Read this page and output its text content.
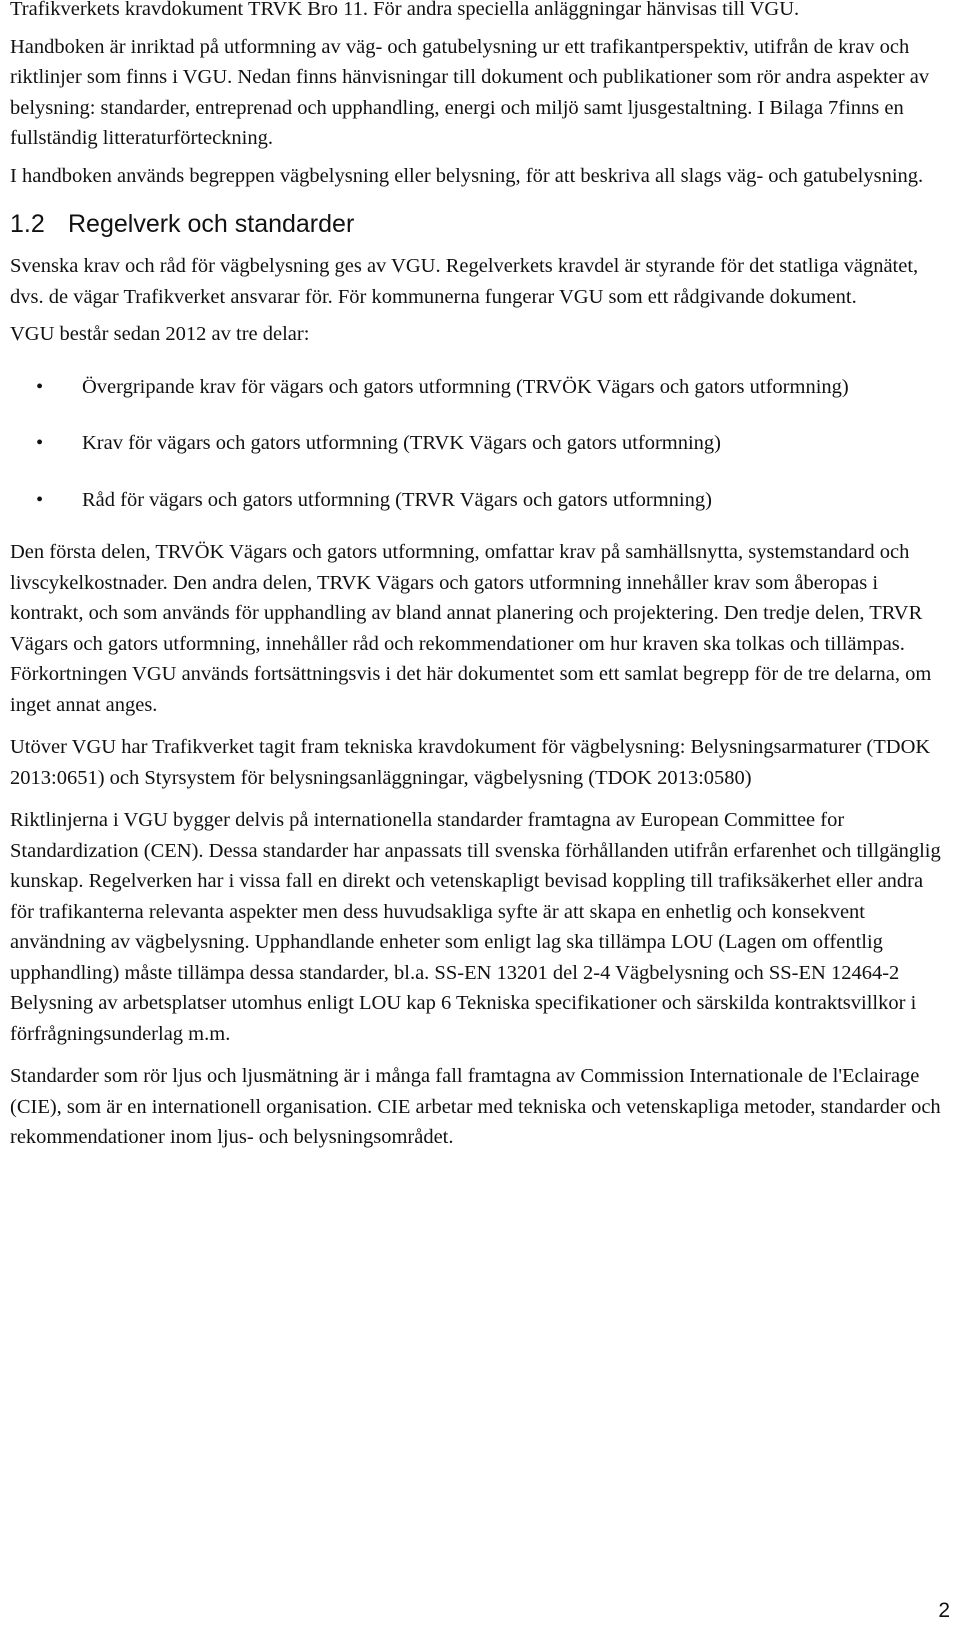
Trafikverkets kravdokument TRVK Bro 11. För andra speciella anläggningar hänvisas till VGU.

Handboken är inriktad på utformning av väg- och gatubelysning ur ett trafikantperspektiv, utifrån de krav och riktlinjer som finns i VGU. Nedan finns hänvisningar till dokument och publikationer som rör andra aspekter av belysning: standarder, entreprenad och upphandling, energi och miljö samt ljusgestaltning. I Bilaga 7finns en fullständig litteraturförteckning.

I handboken används begreppen vägbelysning eller belysning, för att beskriva all slags väg- och gatubelysning.

1.2 Regelverk och standarder

Svenska krav och råd för vägbelysning ges av VGU. Regelverkets kravdel är styrande för det statliga vägnätet, dvs. de vägar Trafikverket ansvarar för. För kommunerna fungerar VGU som ett rådgivande dokument.

VGU består sedan 2012 av tre delar:

• Övergripande krav för vägars och gators utformning (TRVÖK Vägars och gators utformning)
• Krav för vägars och gators utformning (TRVK Vägars och gators utformning)
• Råd för vägars och gators utformning (TRVR Vägars och gators utformning)

Den första delen, TRVÖK Vägars och gators utformning, omfattar krav på samhällsnytta, systemstandard och livscykelkostnader. Den andra delen, TRVK Vägars och gators utformning innehåller krav som åberopas i kontrakt, och som används för upphandling av bland annat planering och projektering. Den tredje delen, TRVR Vägars och gators utformning, innehåller råd och rekommendationer om hur kraven ska tolkas och tillämpas. Förkortningen VGU används fortsättningsvis i det här dokumentet som ett samlat begrepp för de tre delarna, om inget annat anges.

Utöver VGU har Trafikverket tagit fram tekniska kravdokument för vägbelysning: Belysningsarmaturer (TDOK 2013:0651) och Styrsystem för belysningsanläggningar, vägbelysning (TDOK 2013:0580)

Riktlinjerna i VGU bygger delvis på internationella standarder framtagna av European Committee for Standardization (CEN). Dessa standarder har anpassats till svenska förhållanden utifrån erfarenhet och tillgänglig kunskap. Regelverken har i vissa fall en direkt och vetenskapligt bevisad koppling till trafiksäkerhet eller andra för trafikanterna relevanta aspekter men dess huvudsakliga syfte är att skapa en enhetlig och konsekvent användning av vägbelysning. Upphandlande enheter som enligt lag ska tillämpa LOU (Lagen om offentlig upphandling) måste tillämpa dessa standarder, bl.a. SS-EN 13201 del 2-4 Vägbelysning och SS-EN 12464-2 Belysning av arbetsplatser utomhus enligt LOU kap 6 Tekniska specifikationer och särskilda kontraktsvillkor i förfrågningsunderlag m.m.

Standarder som rör ljus och ljusmätning är i många fall framtagna av Commission Internationale de l'Eclairage (CIE), som är en internationell organisation. CIE arbetar med tekniska och vetenskapliga metoder, standarder och rekommendationer inom ljus- och belysningsområdet.

2
